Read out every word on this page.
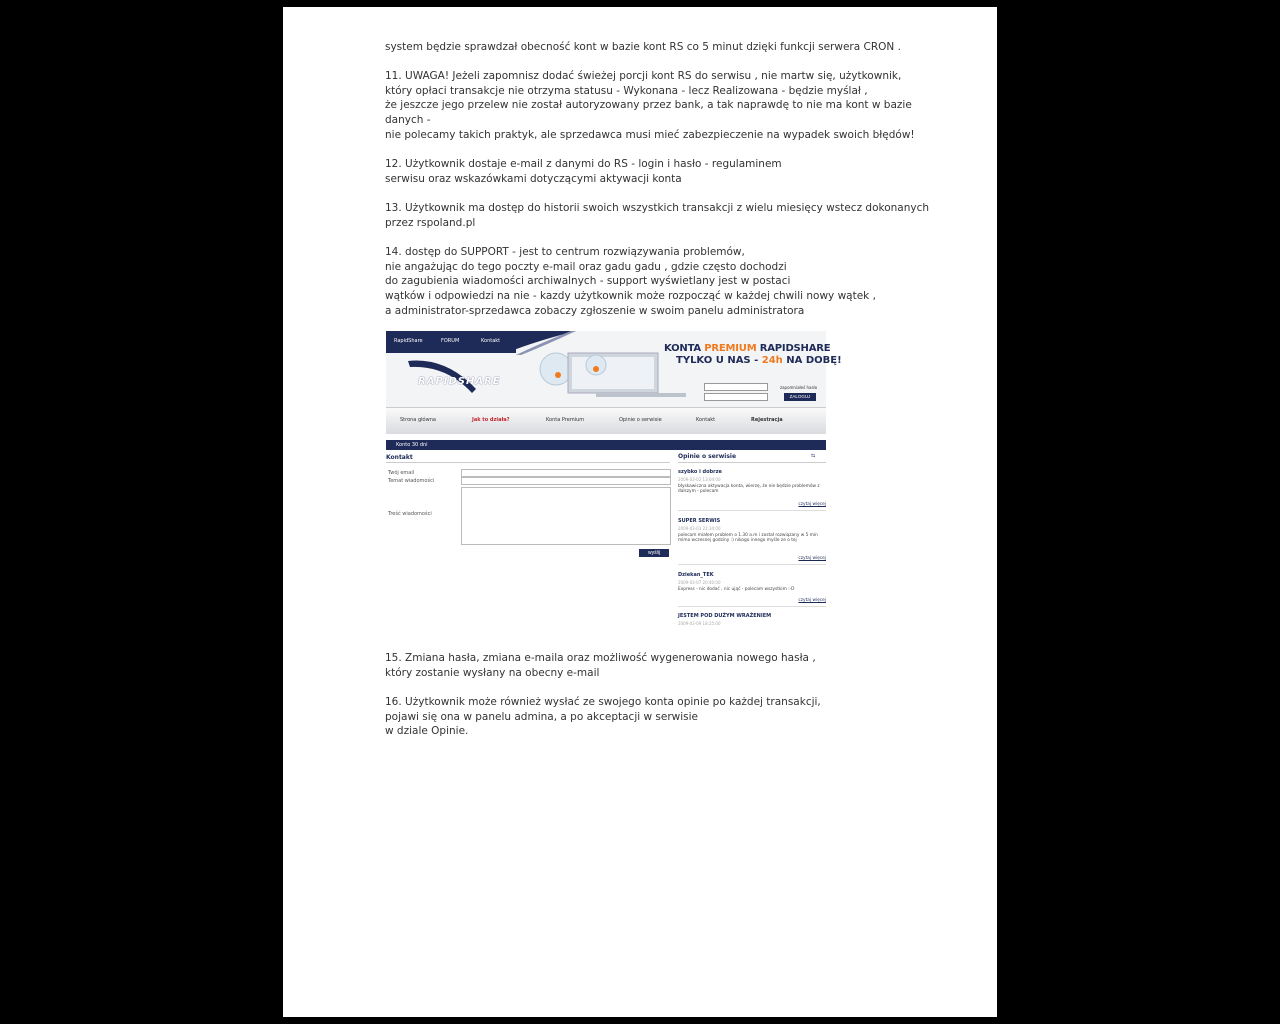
system będzie sprawdzał obecność kont w bazie kont RS co 5 minut dzięki funkcji serwera CRON .

11. UWAGA! Jeżeli zapomnisz dodać świeżej porcji kont RS do serwisu , nie martw się, użytkownik,

który opłaci transakcje nie otrzyma statusu - Wykonana - lecz Realizowana - będzie myślał ,

że jeszcze jego przelew nie został autoryzowany przez bank, a tak naprawdę to nie ma kont w bazie

danych -

nie polecamy takich praktyk, ale sprzedawca musi mieć zabezpieczenie na wypadek swoich błędów!

12. Użytkownik dostaje e-mail z danymi do RS - login i hasło - regulaminem

serwisu oraz wskazówkami dotyczącymi aktywacji konta

13. Użytkownik ma dostęp do historii swoich wszystkich transakcji z wielu miesięcy wstecz dokonanych

przez rspoland.pl

14. dostęp do SUPPORT - jest to centrum rozwiązywania problemów,

nie angażując do tego poczty e-mail oraz gadu gadu , gdzie często dochodzi

do zagubienia wiadomości archiwalnych - support wyświetlany jest w postaci

wątków i odpowiedzi na nie - kazdy użytkownik może rozpocząć w każdej chwili nowy wątek ,

a administrator-sprzedawca zobaczy zgłoszenie w swoim panelu administratora

RapidShare	FORUM	Kontakt
RAPIDSHARE
KONTA PREMIUM RAPIDSHARE
TYLKO U NAS - 24h NA DOBĘ!
zapomniałeś hasło
ZALOGUJ
Strona główna	Jak to działa?	Konta Premium	Opinie o serwisie	Kontakt	Rejestracja
Konto 30 dni
Kontakt
Twój email
Temat wiadomości
Treść wiadomości
wyślij
Opinie o serwisie	⇆
szybko i dobrze
2009-03-02 13:04:00
błyskawiczna aktywacja konta, wierzę, że nie będzie problemów z dalszym - polecam
czytaj więcej
SUPER SERWIS
2009-03-03 21:34:00
polecam miałem problem o 1.30 a.m i został rozwiązany w 5 min mimo wczesnej godziny :) nikogo innego myśle ze o tej
czytaj więcej
Dziekan_TEK
2009-03-07 20:40:00
Express - nic dodać , nic ująć - polecam wszystkim :-D
czytaj więcej
JESTEM POD DUŻYM WRAŻENIEM
2009-03-09 18:25:00

15. Zmiana hasła, zmiana e-maila oraz możliwość wygenerowania nowego hasła ,

który zostanie wysłany na obecny e-mail

16. Użytkownik może również wysłać ze swojego konta opinie po każdej transakcji,

pojawi się ona w panelu admina, a po akceptacji w serwisie

w dziale Opinie.
